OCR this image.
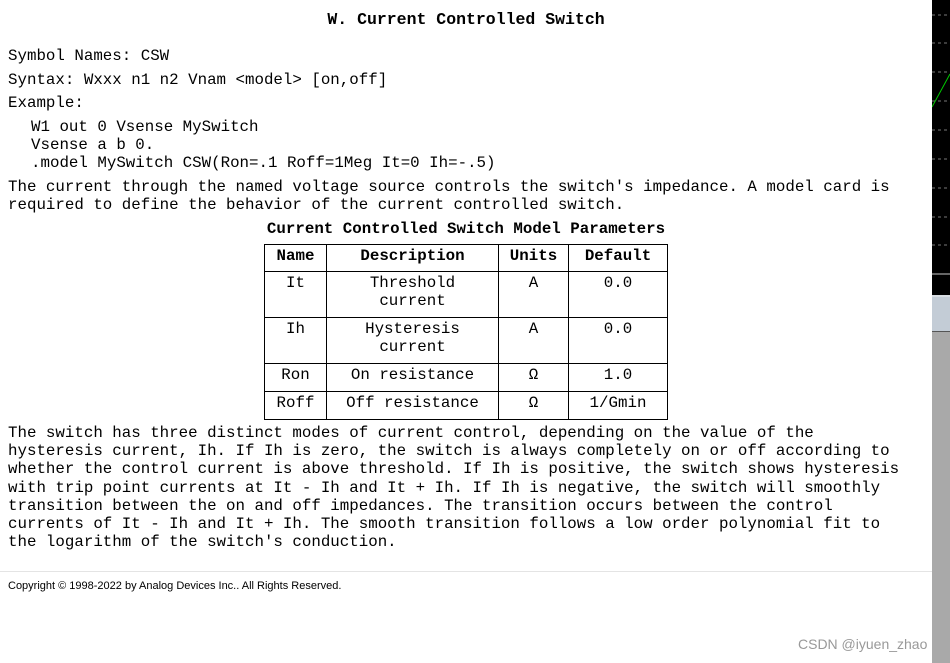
W. Current Controlled Switch
Symbol Names: CSW
Syntax: Wxxx n1 n2 Vnam <model> [on,off]
Example:
W1 out 0 Vsense MySwitch
Vsense a b 0.
.model MySwitch CSW(Ron=.1 Roff=1Meg It=0 Ih=-.5)
The current through the named voltage source controls the switch's impedance. A model card is
required to define the behavior of the current controlled switch.
Current Controlled Switch Model Parameters
Name	Description	Units	Default
It	Threshold current	A	0.0
Ih	Hysteresis current	A	0.0
Ron	On resistance	Ω	1.0
Roff	Off resistance	Ω	1/Gmin
The switch has three distinct modes of current control, depending on the value of the
hysteresis current, Ih. If Ih is zero, the switch is always completely on or off according to
whether the control current is above threshold. If Ih is positive, the switch shows hysteresis
with trip point currents at It - Ih and It + Ih. If Ih is negative, the switch will smoothly
transition between the on and off impedances. The transition occurs between the control
currents of It - Ih and It + Ih. The smooth transition follows a low order polynomial fit to
the logarithm of the switch's conduction.
Copyright © 1998-2022 by Analog Devices Inc.. All Rights Reserved.
CSDN @iyuen_zhao
